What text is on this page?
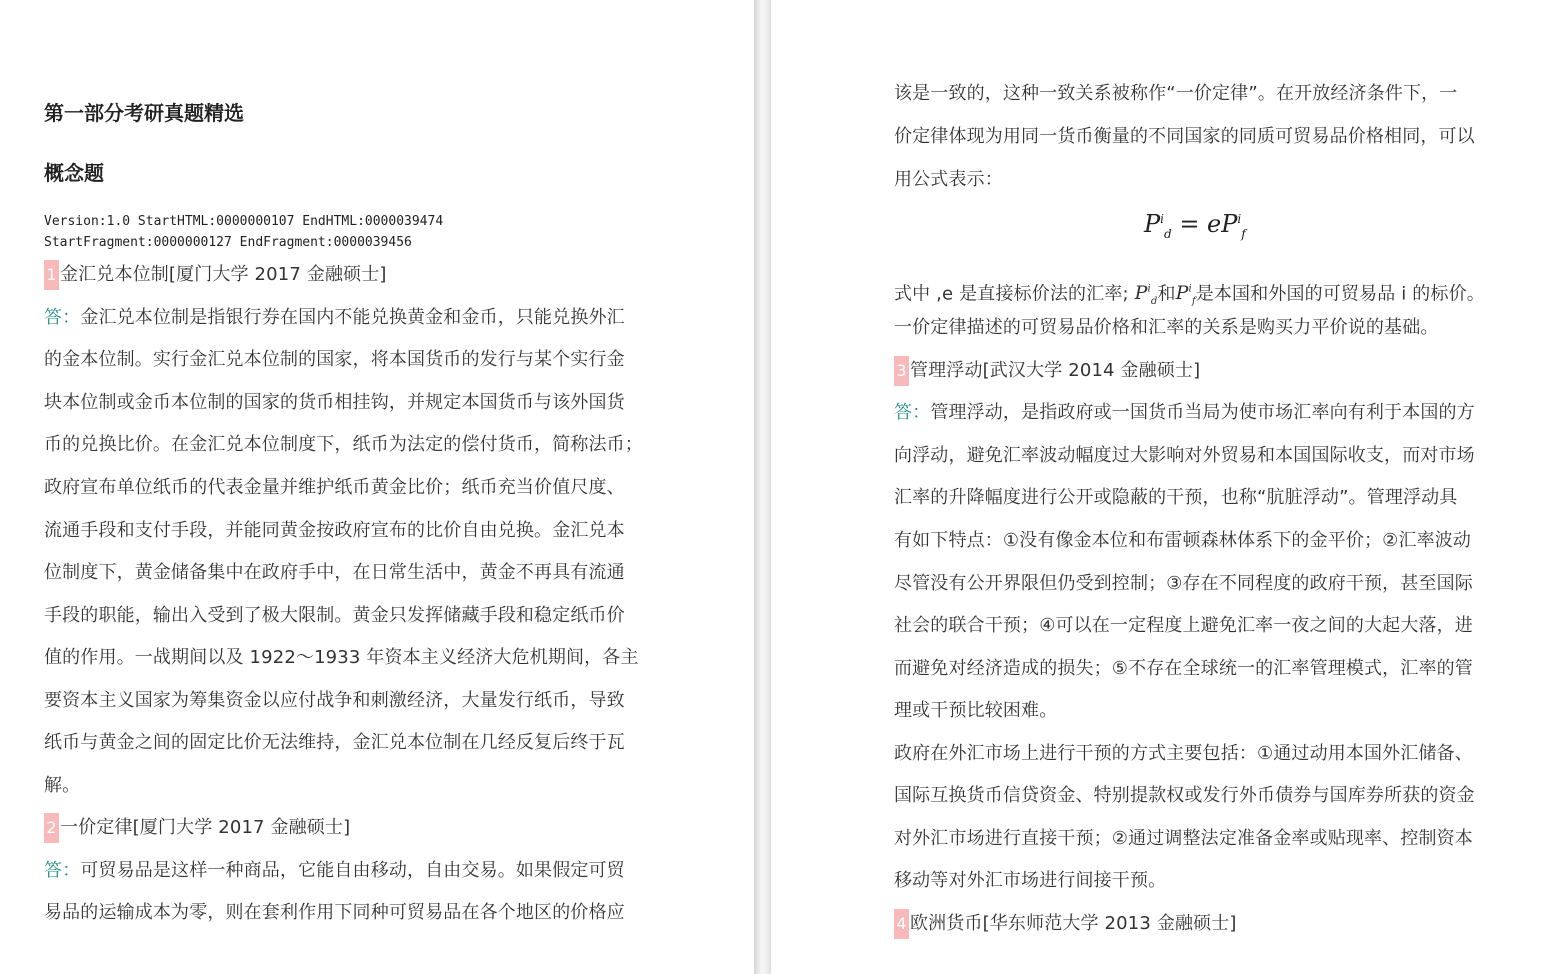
第一部分考研真题精选
概念题
Version:1.0 StartHTML:0000000107 EndHTML:0000039474
StartFragment:0000000127 EndFragment:0000039456
1 金汇兑本位制[厦门大学 2017 金融硕士]
答：金汇兑本位制是指银行券在国内不能兑换黄金和金币，只能兑换外汇
的金本位制。实行金汇兑本位制的国家，将本国货币的发行与某个实行金
块本位制或金币本位制的国家的货币相挂钩，并规定本国货币与该外国货
币的兑换比价。在金汇兑本位制度下，纸币为法定的偿付货币，简称法币；
政府宣布单位纸币的代表金量并维护纸币黄金比价；纸币充当价值尺度、
流通手段和支付手段，并能同黄金按政府宣布的比价自由兑换。金汇兑本
位制度下，黄金储备集中在政府手中，在日常生活中，黄金不再具有流通
手段的职能，输出入受到了极大限制。黄金只发挥储藏手段和稳定纸币价
值的作用。一战期间以及 1922～1933 年资本主义经济大危机期间，各主
要资本主义国家为筹集资金以应付战争和刺激经济，大量发行纸币，导致
纸币与黄金之间的固定比价无法维持，金汇兑本位制在几经反复后终于瓦
解。
2 一价定律[厦门大学 2017 金融硕士]
答：可贸易品是这样一种商品，它能自由移动，自由交易。如果假定可贸
易品的运输成本为零，则在套利作用下同种可贸易品在各个地区的价格应
该是一致的，这种一致关系被称作“一价定律”。在开放经济条件下，一
价定律体现为用同一货币衡量的不同国家的同质可贸易品价格相同，可以
用公式表示：
$P^i_d = eP^i_f$
式中 ,e 是直接标价法的汇率; $P^i_d$和$P^i_f$是本国和外国的可贸易品 i 的标价。
一价定律描述的可贸易品价格和汇率的关系是购买力平价说的基础。
3 管理浮动[武汉大学 2014 金融硕士]
答：管理浮动，是指政府或一国货币当局为使市场汇率向有利于本国的方
向浮动，避免汇率波动幅度过大影响对外贸易和本国国际收支，而对市场
汇率的升降幅度进行公开或隐蔽的干预，也称“肮脏浮动”。管理浮动具
有如下特点：①没有像金本位和布雷顿森林体系下的金平价；②汇率波动
尽管没有公开界限但仍受到控制；③存在不同程度的政府干预，甚至国际
社会的联合干预；④可以在一定程度上避免汇率一夜之间的大起大落，进
而避免对经济造成的损失；⑤不存在全球统一的汇率管理模式，汇率的管
理或干预比较困难。
政府在外汇市场上进行干预的方式主要包括：①通过动用本国外汇储备、
国际互换货币信贷资金、特别提款权或发行外币债券与国库券所获的资金
对外汇市场进行直接干预；②通过调整法定准备金率或贴现率、控制资本
移动等对外汇市场进行间接干预。
4 欧洲货币[华东师范大学 2013 金融硕士]
